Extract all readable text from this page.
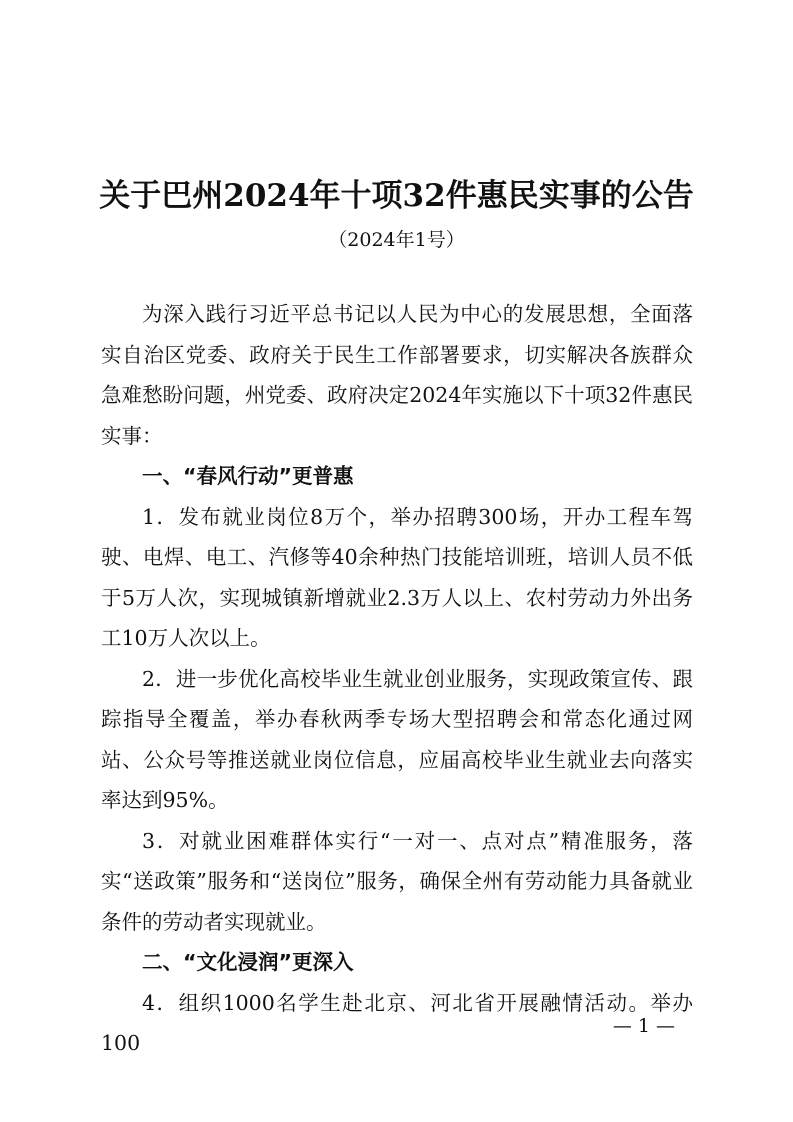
关于巴州2024年十项32件惠民实事的公告
（2024年1号）

为深入践行习近平总书记以人民为中心的发展思想，全面落实自治区党委、政府关于民生工作部署要求，切实解决各族群众急难愁盼问题，州党委、政府决定2024年实施以下十项32件惠民实事：

一、“春风行动”更普惠

1．发布就业岗位8万个，举办招聘300场，开办工程车驾驶、电焊、电工、汽修等40余种热门技能培训班，培训人员不低于5万人次，实现城镇新增就业2.3万人以上、农村劳动力外出务工10万人次以上。

2．进一步优化高校毕业生就业创业服务，实现政策宣传、跟踪指导全覆盖，举办春秋两季专场大型招聘会和常态化通过网站、公众号等推送就业岗位信息，应届高校毕业生就业去向落实率达到95%。

3．对就业困难群体实行“一对一、点对点”精准服务，落实“送政策”服务和“送岗位”服务，确保全州有劳动能力具备就业条件的劳动者实现就业。

二、“文化浸润”更深入

4．组织1000名学生赴北京、河北省开展融情活动。举办100

— 1 —
